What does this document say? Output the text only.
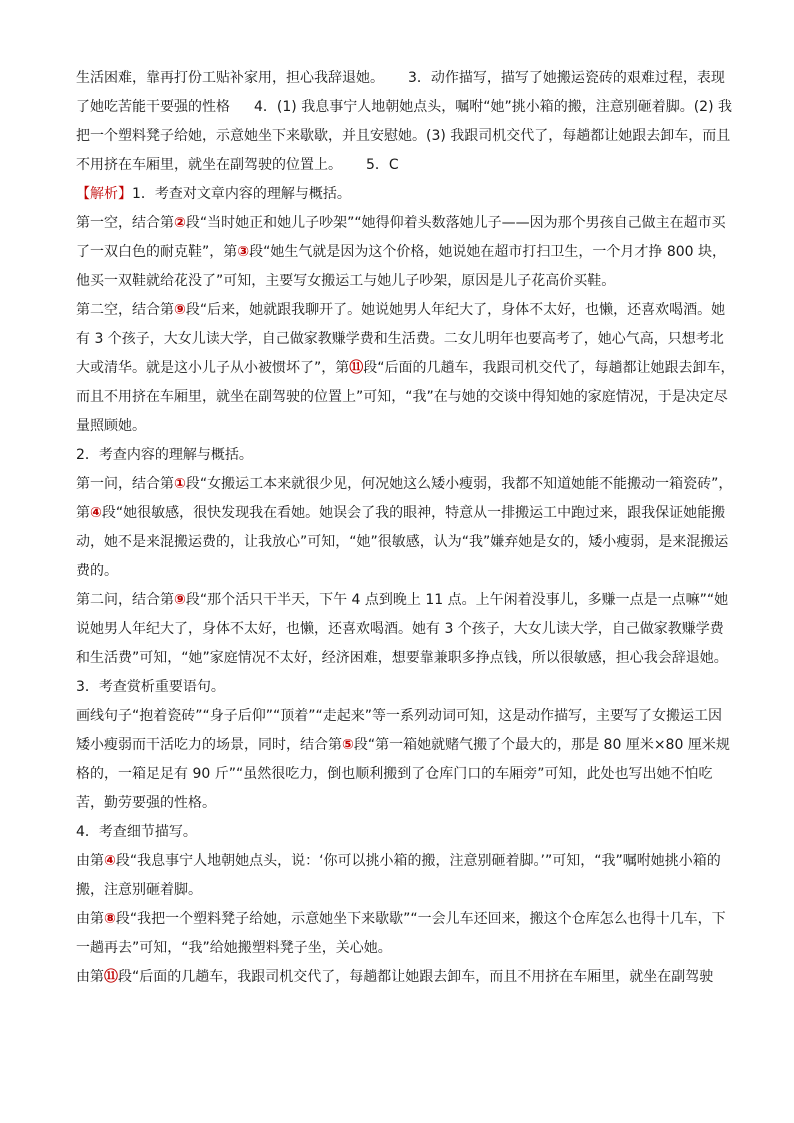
生活困难，靠再打份工贴补家用，担心我辞退她。 3．动作描写，描写了她搬运瓷砖的艰难过程，表现了她吃苦能干要强的性格 4．(1) 我息事宁人地朝她点头，嘱咐“她”挑小箱的搬，注意别砸着脚。(2) 我把一个塑料凳子给她，示意她坐下来歇歇，并且安慰她。(3) 我跟司机交代了，每趟都让她跟去卸车，而且不用挤在车厢里，就坐在副驾驶的位置上。 5．C

【解析】1．考查对文章内容的理解与概括。

第一空，结合第②段“当时她正和她儿子吵架”“她得仰着头数落她儿子——因为那个男孩自己做主在超市买了一双白色的耐克鞋”，第③段“她生气就是因为这个价格，她说她在超市打扫卫生，一个月才挣 800 块，他买一双鞋就给花没了”可知，主要写女搬运工与她儿子吵架，原因是儿子花高价买鞋。

第二空，结合第⑨段“后来，她就跟我聊开了。她说她男人年纪大了，身体不太好，也懒，还喜欢喝酒。她有 3 个孩子，大女儿读大学，自己做家教赚学费和生活费。二女儿明年也要高考了，她心气高，只想考北大或清华。就是这小儿子从小被惯坏了”，第⑪段“后面的几趟车，我跟司机交代了，每趟都让她跟去卸车，而且不用挤在车厢里，就坐在副驾驶的位置上”可知，“我”在与她的交谈中得知她的家庭情况，于是决定尽量照顾她。

2．考查内容的理解与概括。

第一问，结合第①段“女搬运工本来就很少见，何况她这么矮小瘦弱，我都不知道她能不能搬动一箱瓷砖”，第④段“她很敏感，很快发现我在看她。她误会了我的眼神，特意从一排搬运工中跑过来，跟我保证她能搬动，她不是来混搬运费的，让我放心”可知，“她”很敏感，认为“我”嫌弃她是女的，矮小瘦弱，是来混搬运费的。

第二问，结合第⑨段“那个活只干半天，下午 4 点到晚上 11 点。上午闲着没事儿，多赚一点是一点嘛”“她说她男人年纪大了，身体不太好，也懒，还喜欢喝酒。她有 3 个孩子，大女儿读大学，自己做家教赚学费和生活费”可知，“她”家庭情况不太好，经济困难，想要靠兼职多挣点钱，所以很敏感，担心我会辞退她。

3．考查赏析重要语句。

画线句子“抱着瓷砖”“身子后仰”“顶着”“走起来”等一系列动词可知，这是动作描写，主要写了女搬运工因矮小瘦弱而干活吃力的场景，同时，结合第⑤段“第一箱她就赌气搬了个最大的，那是 80 厘米×80 厘米规格的，一箱足足有 90 斤”“虽然很吃力，倒也顺利搬到了仓库门口的车厢旁”可知，此处也写出她不怕吃苦，勤劳要强的性格。

4．考查细节描写。

由第④段“我息事宁人地朝她点头，说：‘你可以挑小箱的搬，注意别砸着脚。’”可知，“我”嘱咐她挑小箱的搬，注意别砸着脚。

由第⑧段“我把一个塑料凳子给她，示意她坐下来歇歇”“一会儿车还回来，搬这个仓库怎么也得十几车，下一趟再去”可知，“我”给她搬塑料凳子坐，关心她。

由第⑪段“后面的几趟车，我跟司机交代了，每趟都让她跟去卸车，而且不用挤在车厢里，就坐在副驾驶
